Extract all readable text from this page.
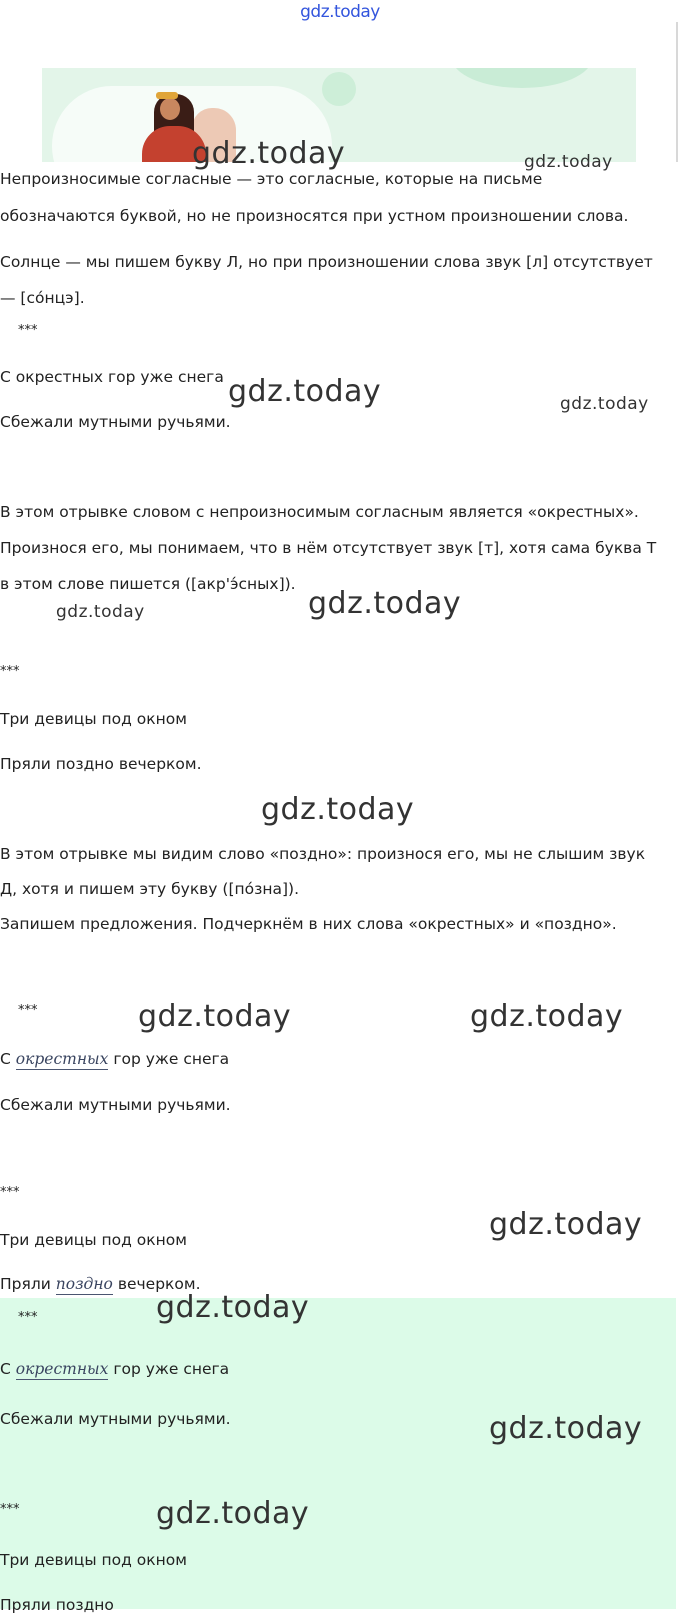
gdz.today
gdz.today	gdz.today
Непроизносимые согласные — это согласные, которые на письме
обозначаются буквой, но не произносятся при устном произношении слова.
Солнце — мы пишем букву Л, но при произношении слова звук [л] отсутствует
— [со́нцэ].
***
С окрестных гор уже снега
Сбежали мутными ручьями.
gdz.today	gdz.today
В этом отрывке словом с непроизносимым согласным является «окрестных».
Произнося его, мы понимаем, что в нём отсутствует звук [т], хотя сама буква Т
в этом слове пишется ([акр'э́сных]).
gdz.today	gdz.today
***
Три девицы под окном
Пряли поздно вечерком.
gdz.today
В этом отрывке мы видим слово «поздно»: произнося его, мы не слышим звук
Д, хотя и пишем эту букву ([по́зна]).
Запишем предложения. Подчеркнём в них слова «окрестных» и «поздно».
***	gdz.today	gdz.today
С окрестных гор уже снега
Сбежали мутными ручьями.
***
gdz.today
Три девицы под окном
Пряли поздно вечерком.
***	gdz.today
С окрестных гор уже снега
Сбежали мутными ручьями.	gdz.today
***	gdz.today
Три девицы под окном
Пряли поздно
